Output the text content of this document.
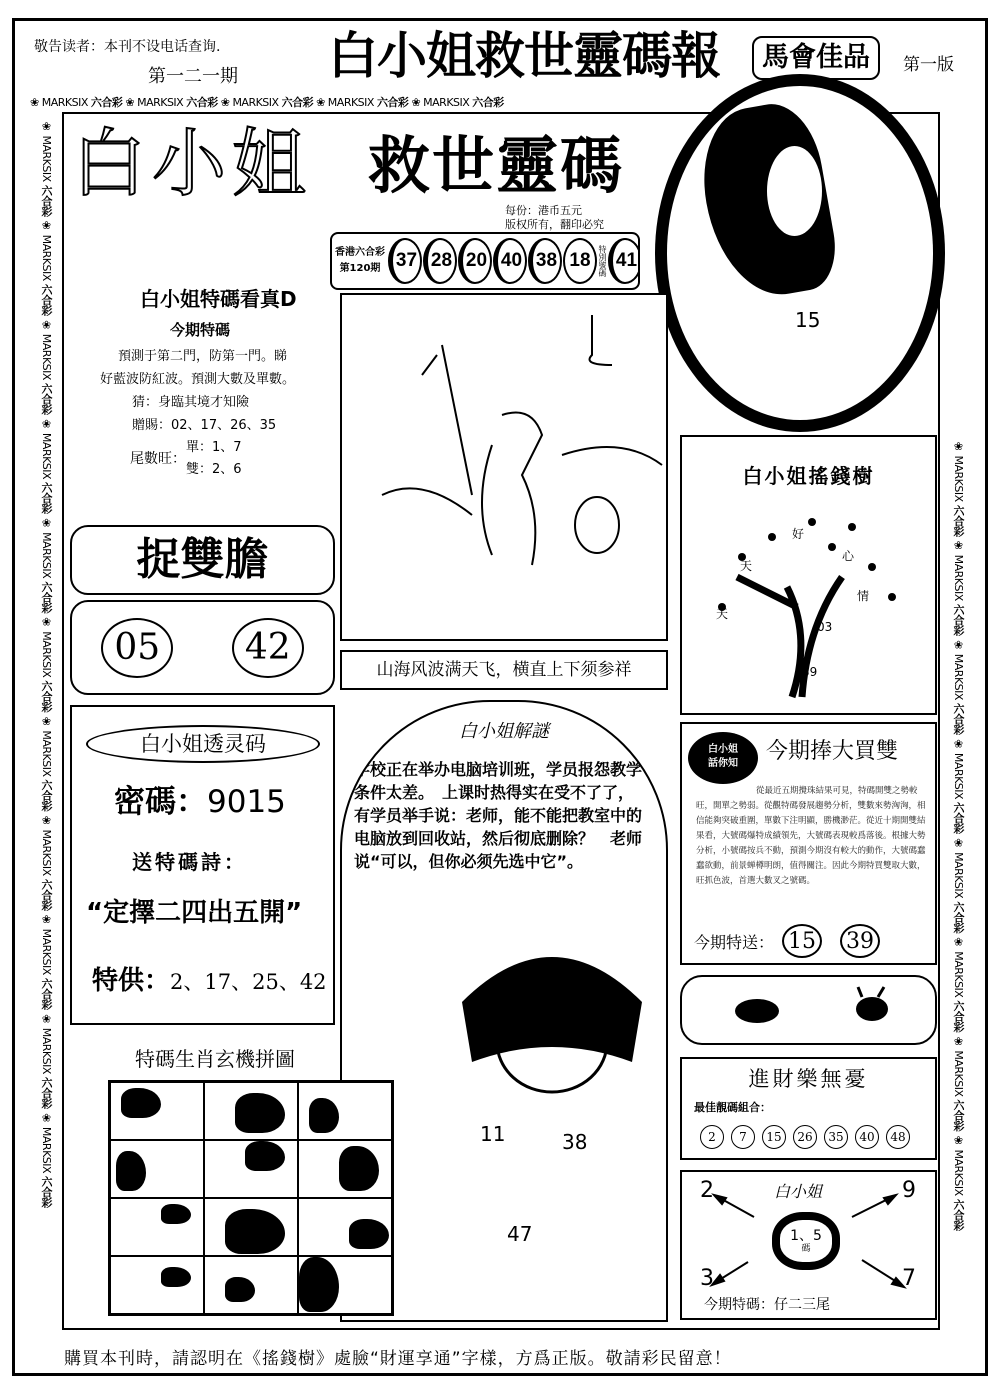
敬告读者：本刊不设电话查询.
第一二一期 白小姐救世靈碼報	馬會佳品	第一版
❀ MARKSIX 六合彩 ❀ MARKSIX 六合彩 ❀ MARKSIX 六合彩 ❀ MARKSIX 六合彩 ❀ MARKSIX 六合彩
❀ MARKSIX 六合彩 ❀ MARKSIX 六合彩 ❀ MARKSIX 六合彩 ❀ MARKSIX 六合彩 ❀ MARKSIX 六合彩 ❀ MARKSIX 六合彩 ❀ MARKSIX 六合彩 ❀ MARKSIX 六合彩 ❀ MARKSIX 六合彩 ❀ MARKSIX 六合彩 ❀ MARKSIX 六合彩
❀ MARKSIX 六合彩 ❀ MARKSIX 六合彩 ❀ MARKSIX 六合彩 ❀ MARKSIX 六合彩 ❀ MARKSIX 六合彩 ❀ MARKSIX 六合彩 ❀ MARKSIX 六合彩 ❀ MARKSIX 六合彩
白小姐 救世靈碼
每份：港币五元
版权所有，翻印必究
香港六合彩
第120期 37 28 20 40 38 18 特別號碼 41
15
白小姐特碼看真D
今期特碼
預測于第二門，防第一門。睇
好藍波防紅波。預測大數及單數。
猜：身臨其境才知險
贈賜：02、17、26、35
尾數旺：
單：1、7
雙：2、6
捉雙膽
05	42
山海风波满天飞，横直上下须参祥
白小姐搖錢樹
好
天
心
天
情
03
39
白小姐透灵码
密碼：9015
送特碼詩：
“定擇二四出五開”
特供：2、17、25、42
白小姐解謎
学校正在举办电脑培训班，学员报怨教学条件太差。　上课时热得实在受不了了，　有学员举手说：老师，能不能把教室中的电脑放到回收站，然后彻底删除？　老师说“可以，但你必须先选中它”。
11	38
47
白小姐
話你知	今期捧大買雙
從最近五期攪珠結果可見，特碼開雙之勢較旺，開單之勢弱。從觀特碼發展趨勢分析，雙數來勢洶洶，相信能夠突破重圍，單數下注明顯，勝機渺茫。從近十期開雙結果看，大號碼爆特成績領先，大號碼表現較爲落後。根據大勢分析，小號碼按兵不動，預測今期沒有較大的動作，大號碼蠢蠢欲動，前景蝉樽明朗，值得關注。因此今期特買雙取大數，旺抓色波，首選大數叉之號碼。
今期特送： 15 39
進財樂無憂
最佳靚碼組合：
2	7	15	26	35	40	48
2	9
3	7
白小姐
1、5
碼
今期特碼：仔二三尾
特碼生肖玄機拼圖
購買本刊時，請認明在《搖錢樹》處臉“財運享通”字樣，方爲正版。敬請彩民留意！
